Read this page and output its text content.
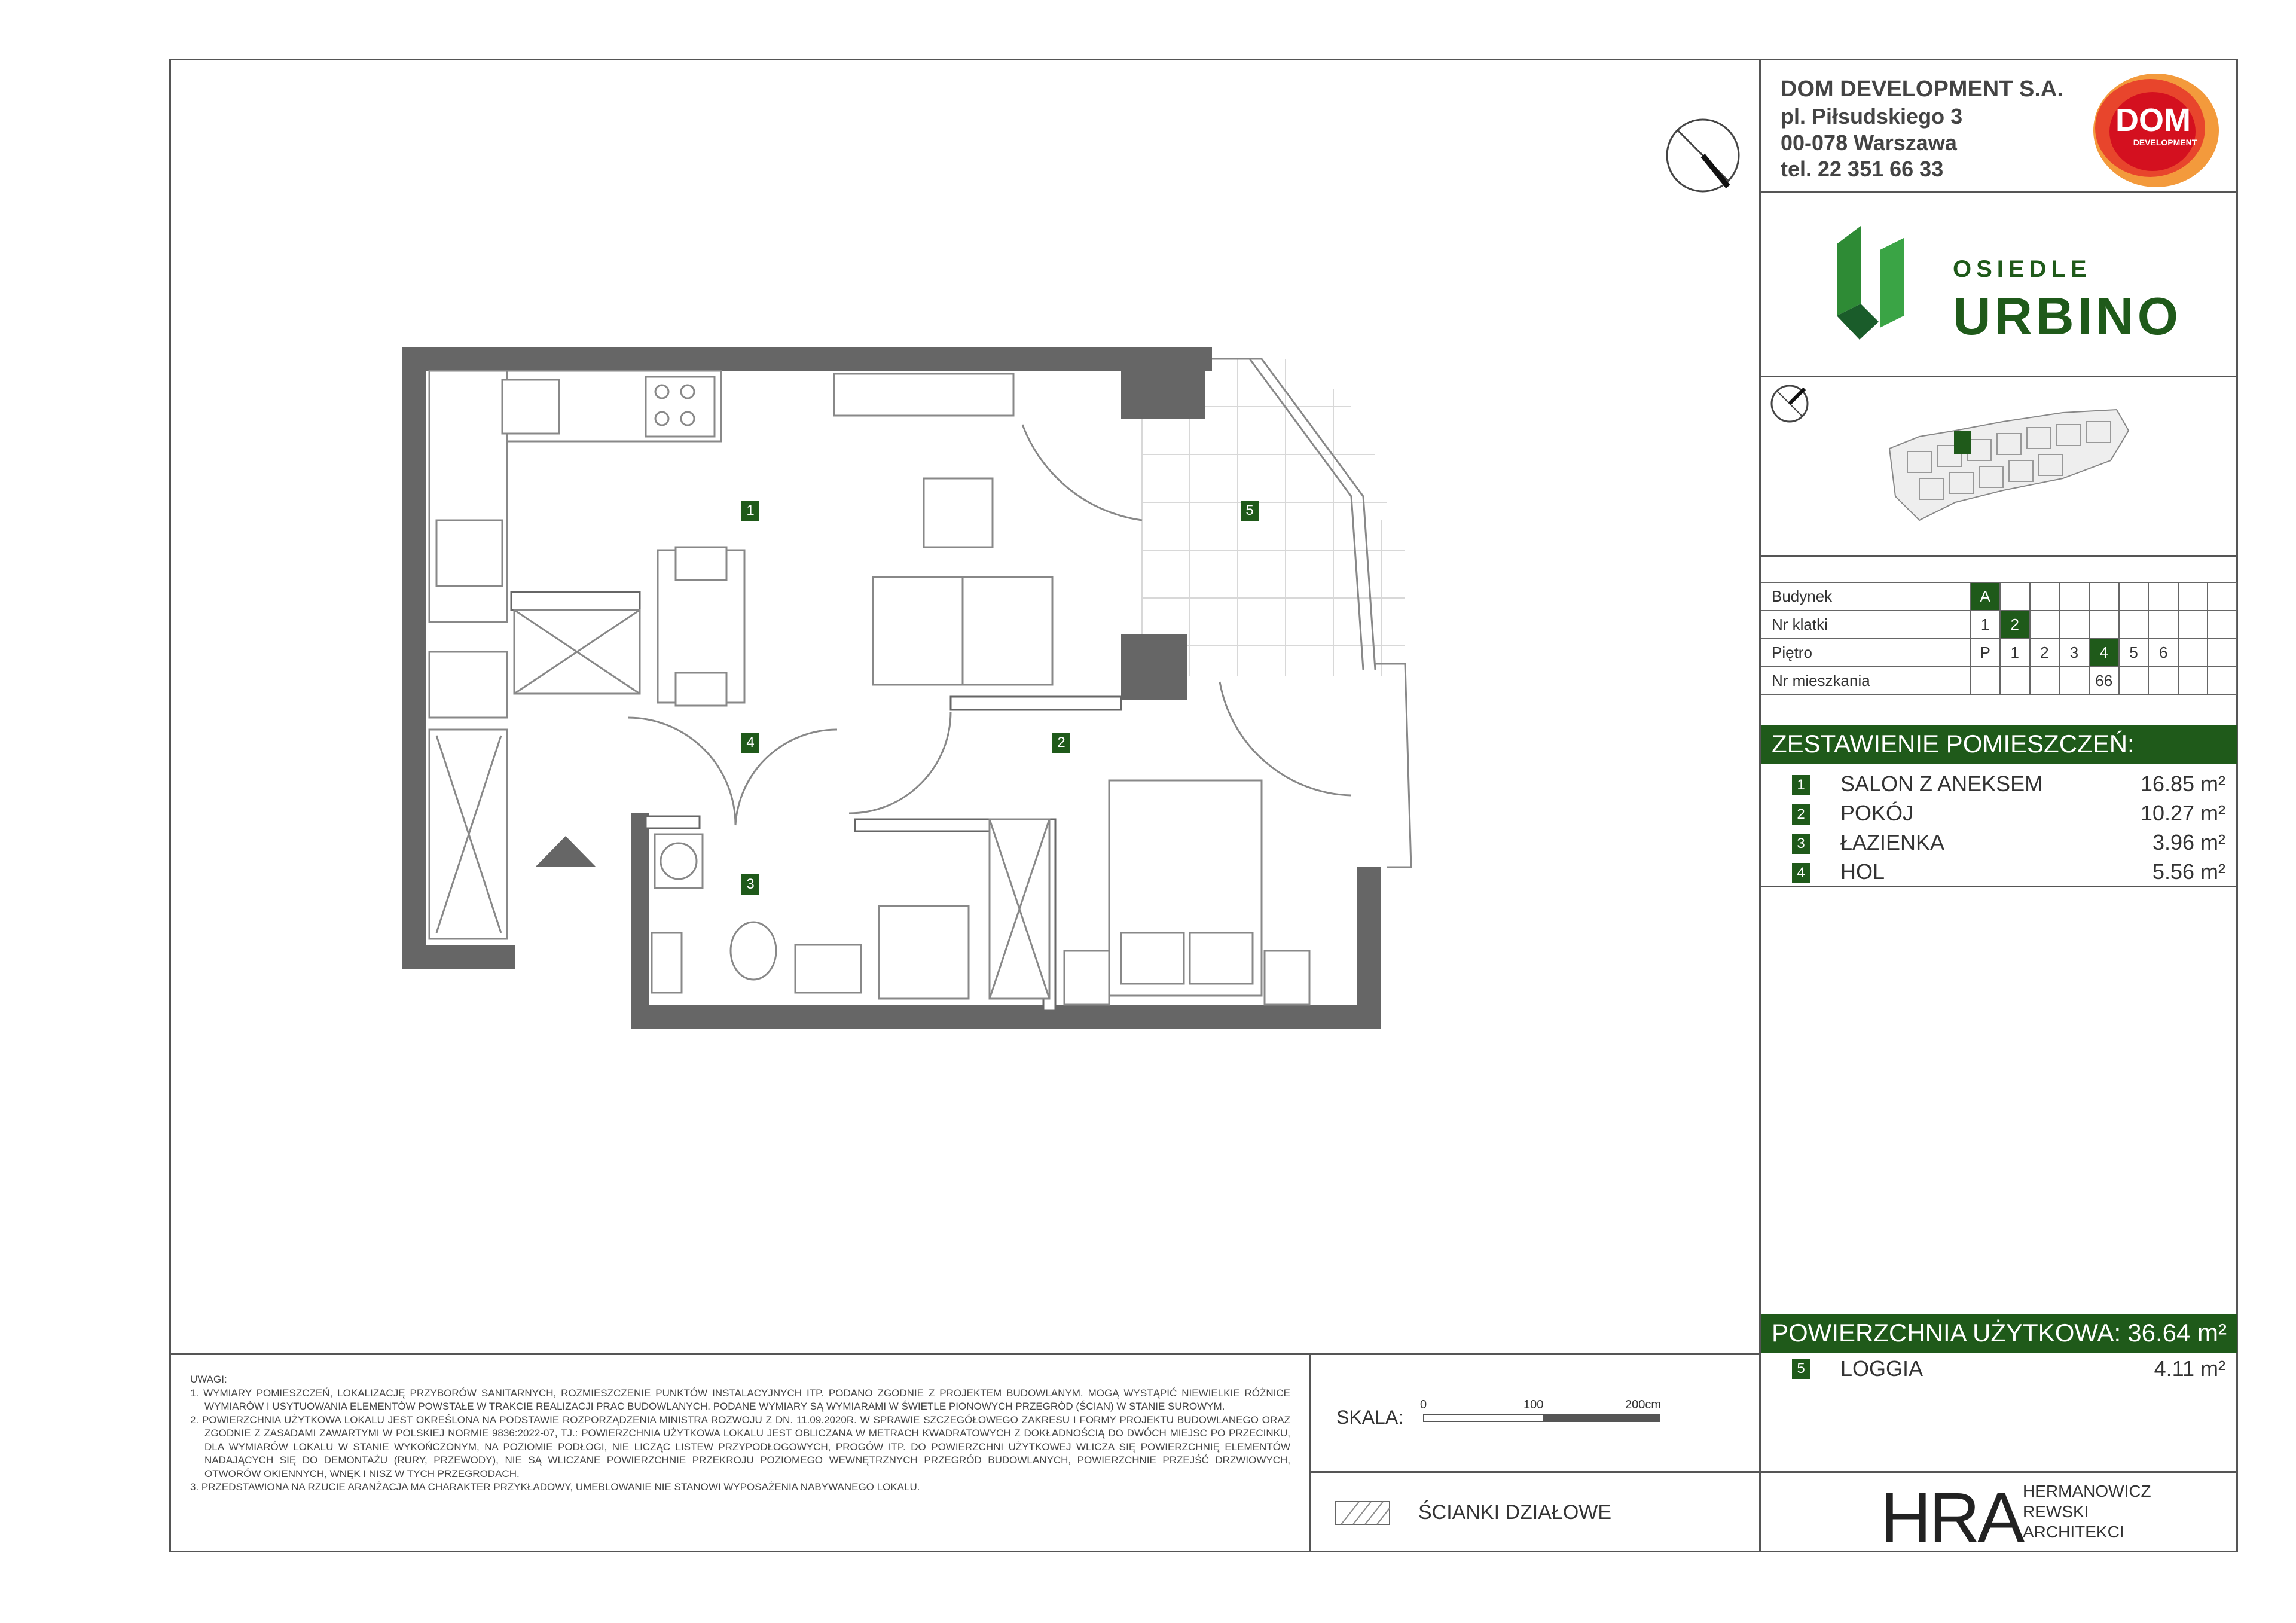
DOM DEVELOPMENT S.A.
pl. Piłsudskiego 3
00-078 Warszawa
tel. 22 351 66 33
DOM
DEVELOPMENT
OSIEDLE
URBINO
Budynek	A								
Nr klatki	1	2							
Piętro	P	1	2	3	4	5	6		
Nr mieszkania					66				
ZESTAWIENIE POMIESZCZEŃ:
1 SALON Z ANEKSEM	16.85 m²
2 POKÓJ	10.27 m²
3 ŁAZIENKA	3.96 m²
4 HOL	5.56 m²
POWIERZCHNIA UŻYTKOWA: 36.64 m²
5 LOGGIA	4.11 m²

UWAGI:

1. WYMIARY POMIESZCZEŃ, LOKALIZACJĘ PRZYBORÓW SANITARNYCH, ROZMIESZCZENIE PUNKTÓW INSTALACYJNYCH ITP. PODANO ZGODNIE Z PROJEKTEM BUDOWLANYM. MOGĄ WYSTĄPIĆ NIEWIELKIE RÓŻNICE WYMIARÓW I USYTUOWANIA ELEMENTÓW POWSTAŁE W TRAKCIE REALIZACJI PRAC BUDOWLANYCH. PODANE WYMIARY SĄ WYMIARAMI W ŚWIETLE PIONOWYCH PRZEGRÓD (ŚCIAN) W STANIE SUROWYM.

2. POWIERZCHNIA UŻYTKOWA LOKALU JEST OKREŚLONA NA PODSTAWIE ROZPORZĄDZENIA MINISTRA ROZWOJU Z DN. 11.09.2020R. W SPRAWIE SZCZEGÓŁOWEGO ZAKRESU I FORMY PROJEKTU BUDOWLANEGO ORAZ ZGODNIE Z ZASADAMI ZAWARTYMI W POLSKIEJ NORMIE 9836:2022-07, TJ.: POWIERZCHNIA UŻYTKOWA LOKALU JEST OBLICZANA W METRACH KWADRATOWYCH Z DOKŁADNOŚCIĄ DO DWÓCH MIEJSC PO PRZECINKU, DLA WYMIARÓW LOKALU W STANIE WYKOŃCZONYM, NA POZIOMIE PODŁOGI, NIE LICZĄC LISTEW PRZYPODŁOGOWYCH, PROGÓW ITP. DO POWIERZCHNI UŻYTKOWEJ WLICZA SIĘ POWIERZCHNIĘ ELEMENTÓW NADAJĄCYCH SIĘ DO DEMONTAŻU (RURY, PRZEWODY), NIE SĄ WLICZANE POWIERZCHNIE PRZEKROJU POZIOMEGO WEWNĘTRZNYCH PRZEGRÓD BUDOWLANYCH, POWIERZCHNIE PRZEJŚĆ DRZWIOWYCH, OTWORÓW OKIENNYCH, WNĘK I NISZ W TYCH PRZEGRODACH.

3. PRZEDSTAWIONA NA RZUCIE ARANŻACJA MA CHARAKTER PRZYKŁADOWY, UMEBLOWANIE NIE STANOWI WYPOSAŻENIA NABYWANEGO LOKALU.

SKALA:
0	100	200cm
ŚCIANKI DZIAŁOWE	HRA HERMANOWICZ
REWSKI
ARCHITEKCI
1
2
3
4
5
